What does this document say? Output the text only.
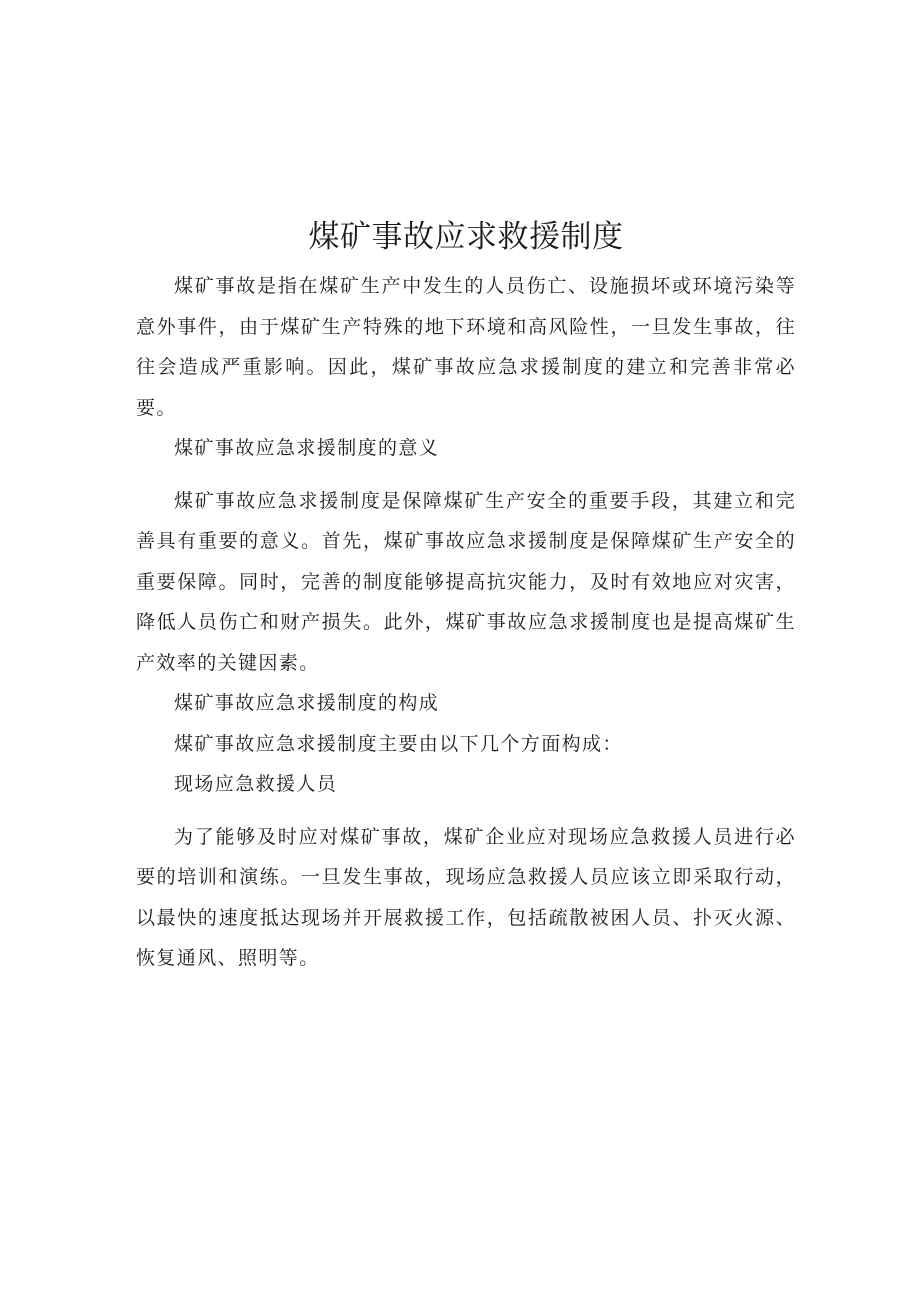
煤矿事故应求救援制度

煤矿事故是指在煤矿生产中发生的人员伤亡、设施损坏或环境污染等意外事件，由于煤矿生产特殊的地下环境和高风险性，一旦发生事故，往往会造成严重影响。因此，煤矿事故应急求援制度的建立和完善非常必要。

煤矿事故应急求援制度的意义

煤矿事故应急求援制度是保障煤矿生产安全的重要手段，其建立和完善具有重要的意义。首先，煤矿事故应急求援制度是保障煤矿生产安全的重要保障。同时，完善的制度能够提高抗灾能力，及时有效地应对灾害，降低人员伤亡和财产损失。此外，煤矿事故应急求援制度也是提高煤矿生产效率的关键因素。

煤矿事故应急求援制度的构成

煤矿事故应急求援制度主要由以下几个方面构成：

现场应急救援人员

为了能够及时应对煤矿事故，煤矿企业应对现场应急救援人员进行必要的培训和演练。一旦发生事故，现场应急救援人员应该立即采取行动，以最快的速度抵达现场并开展救援工作，包括疏散被困人员、扑灭火源、恢复通风、照明等。
